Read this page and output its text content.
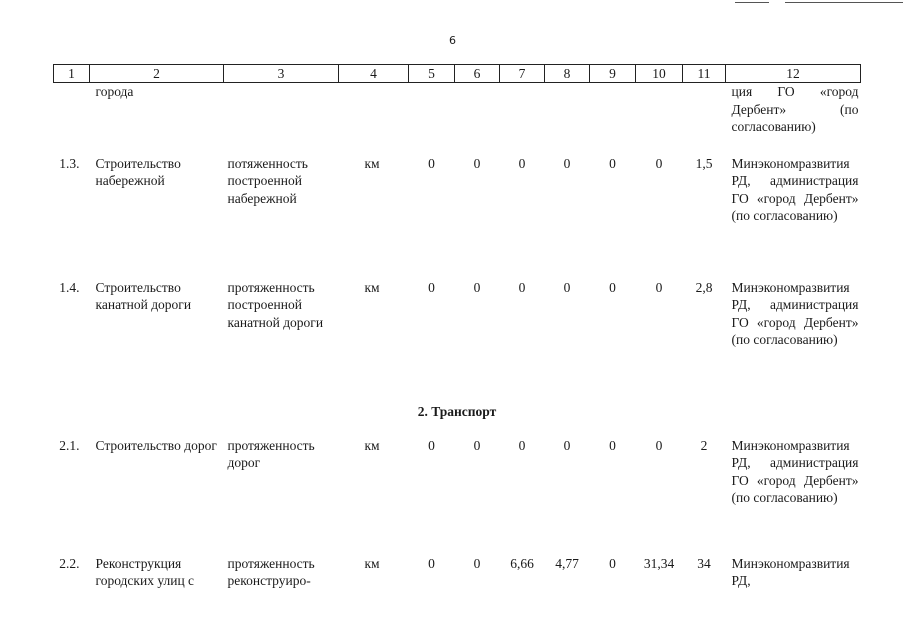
6
1	2	3	4	5	6	7	8	9	10	11	12
	города										ция ГО «город Дербент» (по согласованию)
1.3.	Строительство набережной	потяженность построенной набережной	км	0	0	0	0	0	0	1,5	Минэкономразвития РД, администрация ГО «город Дербент» (по согласованию)
1.4.	Строительство канатной дороги	протяженность построенной канатной дороги	км	0	0	0	0	0	0	2,8	Минэкономразвития РД, администрация ГО «город Дербент» (по согласованию)
2. Транспорт											
2.1.	Строительство дорог	протяженность дорог	км	0	0	0	0	0	0	2	Минэкономразвития РД, администрация ГО «город Дербент» (по согласованию)
2.2.	Реконструкция городских улиц с	протяженность реконструиро-	км	0	0	6,66	4,77	0	31,34	34	Минэкономразвития РД,
